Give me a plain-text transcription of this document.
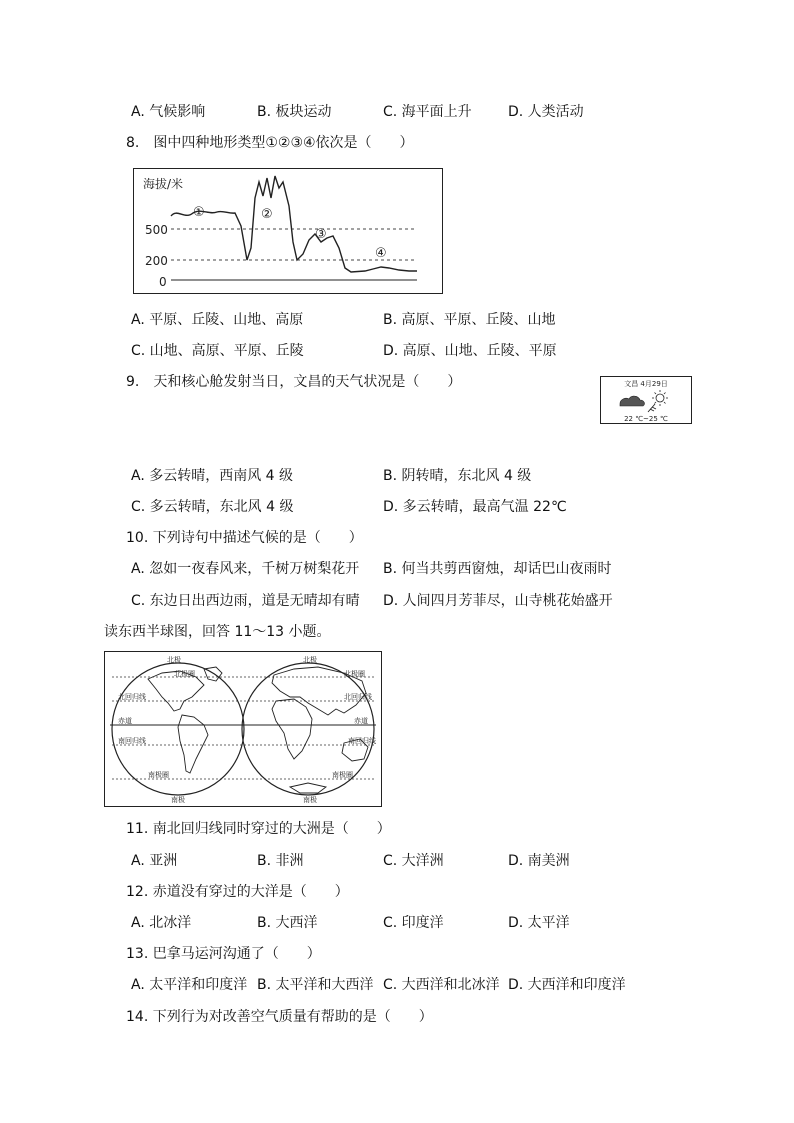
A. 气候影响	B. 板块运动	C. 海平面上升	D. 人类活动
8.　图中四种地形类型①②③④依次是（　　）
海拔/米
500
200
0
①	②
③
④
A. 平原、丘陵、山地、高原	B. 高原、平原、丘陵、山地
C. 山地、高原、平原、丘陵	D. 高原、山地、丘陵、平原
9.　天和核心舱发射当日，文昌的天气状况是（　　）	文昌 4月29日
22 ℃~25 ℃
A. 多云转晴，西南风 4 级	B. 阴转晴，东北风 4 级
C. 多云转晴，东北风 4 级	D. 多云转晴，最高气温 22℃
10. 下列诗句中描述气候的是（　　）
A. 忽如一夜春风来，千树万树梨花开 B. 何当共剪西窗烛，却话巴山夜雨时
C. 东边日出西边雨，道是无晴却有晴 D. 人间四月芳菲尽，山寺桃花始盛开
读东西半球图，回答 11～13 小题。
北极
北极圈
北回归线
赤道
南回归线
南极圈
南极
北极
北极圈
北回归线
赤道
南回归线
南极圈
南极
11. 南北回归线同时穿过的大洲是（　　）
A. 亚洲	B. 非洲	C. 大洋洲	D. 南美洲
12. 赤道没有穿过的大洋是（　　）
A. 北冰洋	B. 大西洋	C. 印度洋	D. 太平洋
13. 巴拿马运河沟通了（　　）
A. 太平洋和印度洋 B. 太平洋和大西洋 C. 大西洋和北冰洋 D. 大西洋和印度洋
14. 下列行为对改善空气质量有帮助的是（　　）
